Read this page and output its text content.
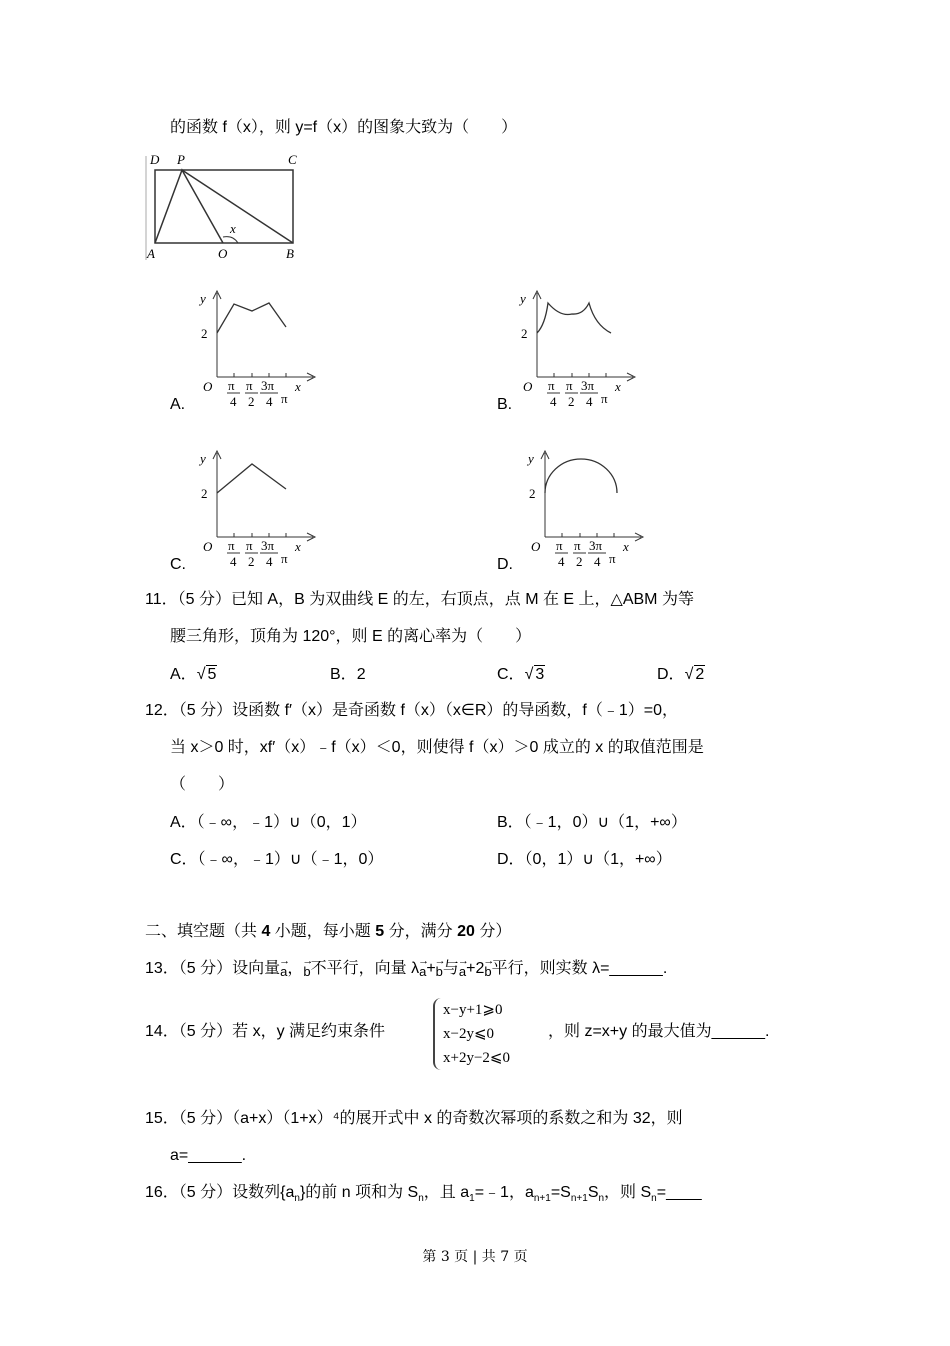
的函数 f（x），则 y=f（x）的图象大致为（　　）
D P	C
A	O	B
x
y
2
O	x
π
4
π
2
3π
4 π
y
2
O	x
π
4
π
2
3π
4 π
y
2
O	x
π
4
π
2
3π
4 π
y
2
O	x
π
4
π
2
3π
4 π
A.	B.
C.	D.
11．（5 分）已知 A，B 为双曲线 E 的左，右顶点，点 M 在 E 上，△ABM 为等
腰三角形，顶角为 120°，则 E 的离心率为（　　）
A．√ 5	B．2	C．√ 3	D．√ 2
12．（5 分）设函数 f′（x）是奇函数 f（x）（x∈R）的导函数，f（﹣1）=0，
当 x＞0 时，xf′（x）﹣f（x）＜0，则使得 f（x）＞0 成立的 x 的取值范围是
（　　）
A．（﹣∞，﹣1）∪（0，1）	B．（﹣1，0）∪（1，+∞）
C．（﹣∞，﹣1）∪（﹣1，0）	D．（0，1）∪（1，+∞）
二、填空题（共 4 小题，每小题 5 分，满分 20 分）
13．（5 分）设向量→ a，→ b不平行，向量 λ→ a+→ b与→ a+2→ b平行，则实数 λ=______.
14．（5 分）若 x，y 满足约束条件
x−y+1⩾0
x−2y⩽0
x+2y−2⩽0
，则 z=x+y 的最大值为______.
15．（5 分）（a+x）（1+x）⁴的展开式中 x 的奇数次幂项的系数之和为 32，则
a=______.
16．（5 分）设数列$\{a_n\}$的前 n 项和为 $S_n$，且 $a_1=﹣1$，$a_{n+1}=S_{n+1}S_n$，则 $S_n=\_\_\_\_$
第 3 页 | 共 7 页
